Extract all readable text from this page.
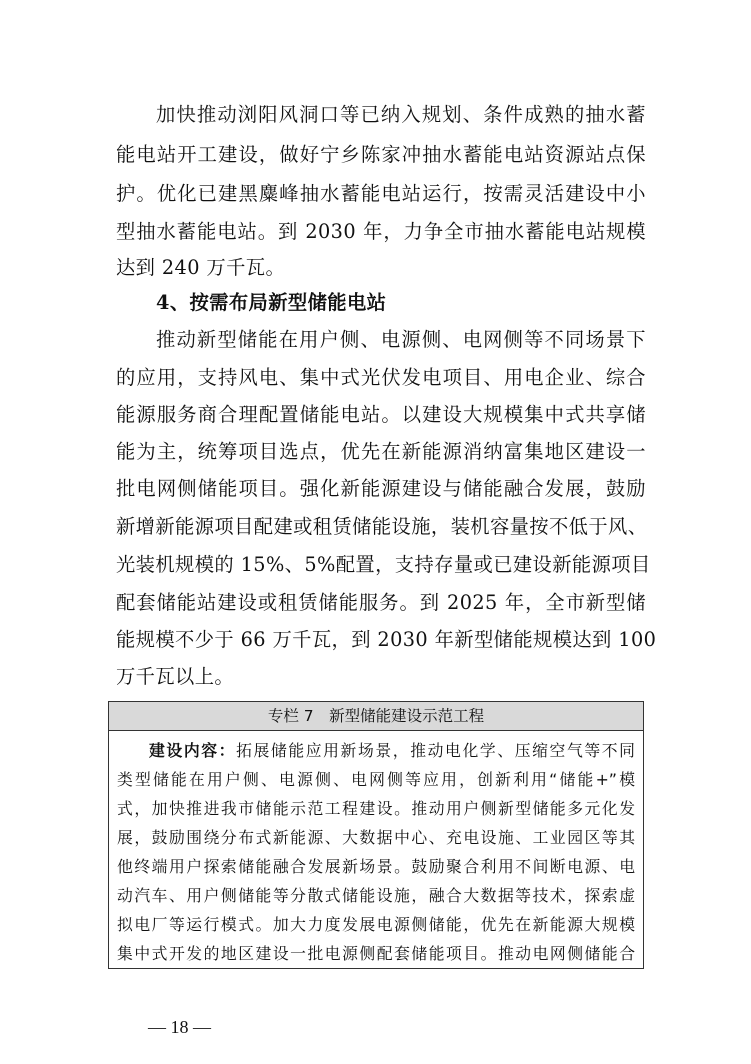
加快推动浏阳风洞口等已纳入规划、条件成熟的抽水蓄
能电站开工建设，做好宁乡陈家冲抽水蓄能电站资源站点保
护。优化已建黑麋峰抽水蓄能电站运行，按需灵活建设中小
型抽水蓄能电站。到 2030 年，力争全市抽水蓄能电站规模
达到 240 万千瓦。
4、按需布局新型储能电站
推动新型储能在用户侧、电源侧、电网侧等不同场景下
的应用，支持风电、集中式光伏发电项目、用电企业、综合
能源服务商合理配置储能电站。以建设大规模集中式共享储
能为主，统筹项目选点，优先在新能源消纳富集地区建设一
批电网侧储能项目。强化新能源建设与储能融合发展，鼓励
新增新能源项目配建或租赁储能设施，装机容量按不低于风、
光装机规模的 15%、5%配置，支持存量或已建设新能源项目
配套储能站建设或租赁储能服务。到 2025 年，全市新型储
能规模不少于 66 万千瓦，到 2030 年新型储能规模达到 100
万千瓦以上。
专栏 7　新型储能建设示范工程
建设内容：拓展储能应用新场景，推动电化学、压缩空气等不同
类型储能在用户侧、电源侧、电网侧等应用，创新利用“储能+”模
式，加快推进我市储能示范工程建设。推动用户侧新型储能多元化发
展，鼓励围绕分布式新能源、大数据中心、充电设施、工业园区等其
他终端用户探索储能融合发展新场景。鼓励聚合利用不间断电源、电
动汽车、用户侧储能等分散式储能设施，融合大数据等技术，探索虚
拟电厂等运行模式。加大力度发展电源侧储能，优先在新能源大规模
集中式开发的地区建设一批电源侧配套储能项目。推动电网侧储能合
— 18 —
